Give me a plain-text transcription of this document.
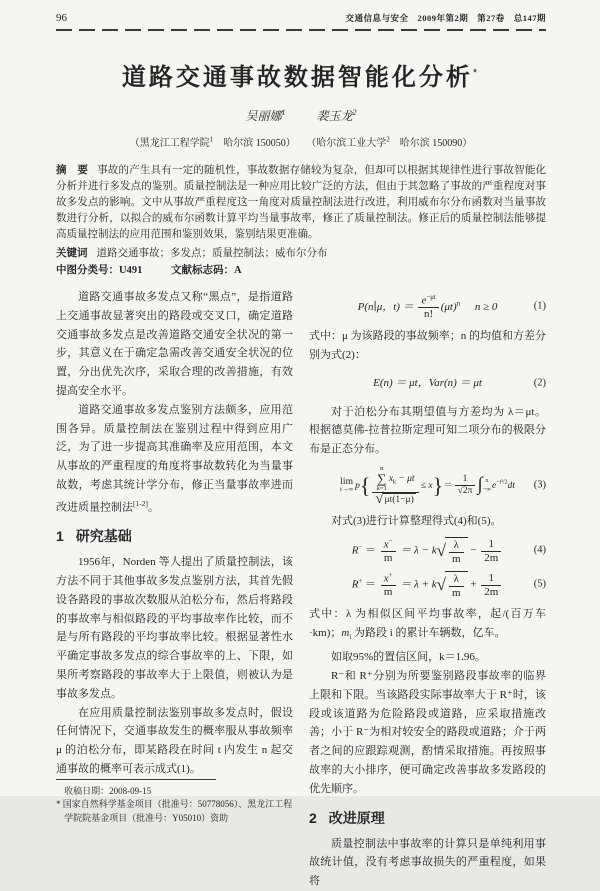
96	交通信息与安全　2009年第2期　第27卷　总147期
道路交通事故数据智能化分析*
吴丽娜$^1$	裴玉龙$^2$
（黑龙江工程学院$^1$　哈尔滨 150050） （哈尔滨工业大学$^2$　哈尔滨 150090）
摘　要 事故的产生具有一定的随机性，事故数据存储较为复杂，但却可以根据其规律性进行事故智能化分析并进行多发点的鉴别。质量控制法是一种应用比较广泛的方法，但由于其忽略了事故的严重程度对事故多发点的影响。文中从事故严重程度这一角度对质量控制法进行改进，利用威布尔分布函数对当量事故数进行分析，以拟合的威布尔函数计算平均当量事故率，修正了质量控制法。修正后的质量控制法能够提高质量控制法的应用范围和鉴别效果，鉴别结果更准确。
关键词 道路交通事故；多发点；质量控制法；威布尔分布
中图分类号：U491	文献标志码：A

道路交通事故多发点又称“黑点”，是指道路上交通事故显著突出的路段或交叉口，确定道路交通事故多发点是改善道路交通安全状况的第一步，其意义在于确定急需改善交通安全状况的位置，分出优先次序，采取合理的改善措施，有效提高安全水平。

道路交通事故多发点鉴别方法颇多，应用范围各异。质量控制法在鉴别过程中得到应用广泛，为了进一步提高其准确率及应用范围，本文从事故的严重程度的角度将事故数转化为当量事故数，考虑其统计学分布，修正当量事故率进而改进质量控制法[1-2]。

1 研究基础

1956年，Norden 等人提出了质量控制法，该方法不同于其他事故多发点鉴别方法，其首先假设各路段的事故次数服从泊松分布，然后将路段的事故率与相似路段的平均事故率作比较，而不是与所有路段的平均事故率比较。根据显著性水平确定事故多发点的综合事故率的上、下限，如果所考察路段的事故率大于上限值，则被认为是事故多发点。

在应用质量控制法鉴别事故多发点时，假设任何情况下，交通事故发生的概率服从事故频率 μ 的泊松分布，即某路段在时间 t 内发生 n 起交通事故的概率可表示成式(1)。

收稿日期：2008-09-15

* 国家自然科学基金项目（批准号：50778056）、黑龙江工程学院院基金项目（批准号：Y05010）资助

P(n∣μ，$t) = \frac{e^{-\mu t}}{n!} (\mu t)^n$ n ≥ 0	(1)

式中：μ 为该路段的事故频率；n 的均值和方差分别为式(2)：

E(n) ＝ μt，Var(n) ＝ μt	(2)

对于泊松分布其期望值与方差均为 λ＝μt。根据德莫佛-拉普拉斯定理可知二项分布的极限分布是正态分布。

lim
t→∞ p{ n
∑
k=1
$x_k - \mu t$
√ $\mu t(1-\mu) \le x\}= \frac{1}{√2\pi}$ ∫ x
−∞ $e^{-t^2/2}dt$	(3)

对式(3)进行计算整理得式(4)和(5)。

$R^- = \frac{x^-}{m} = \lambda - k$ √ $\frac{\lambda}{m} - \frac{1}{2m}$	(4)
$R^+ = \frac{x^+}{m} = \lambda + k$ √ $\frac{\lambda}{m} + \frac{1}{2m}$	(5)

式中：λ 为相似区间平均事故率，起/(百万车·km)；$m_i$ 为路段 i 的累计车辆数，亿车。

如取95%的置信区间，k＝1.96。

R⁻和 R⁺分别为所要鉴别路段事故率的临界上限和下限。当该路段实际事故率大于 R⁺时，该段或该道路为危险路段或道路，应采取措施改善；小于 R⁻为相对较安全的路段或道路；介于两者之间的应跟踪观测，酌情采取措施。再按照事故率的大小排序，便可确定改善事故多发路段的优先顺序。

2 改进原理

质量控制法中事故率的计算只是单纯利用事故统计值，没有考虑事故损失的严重程度，如果将
